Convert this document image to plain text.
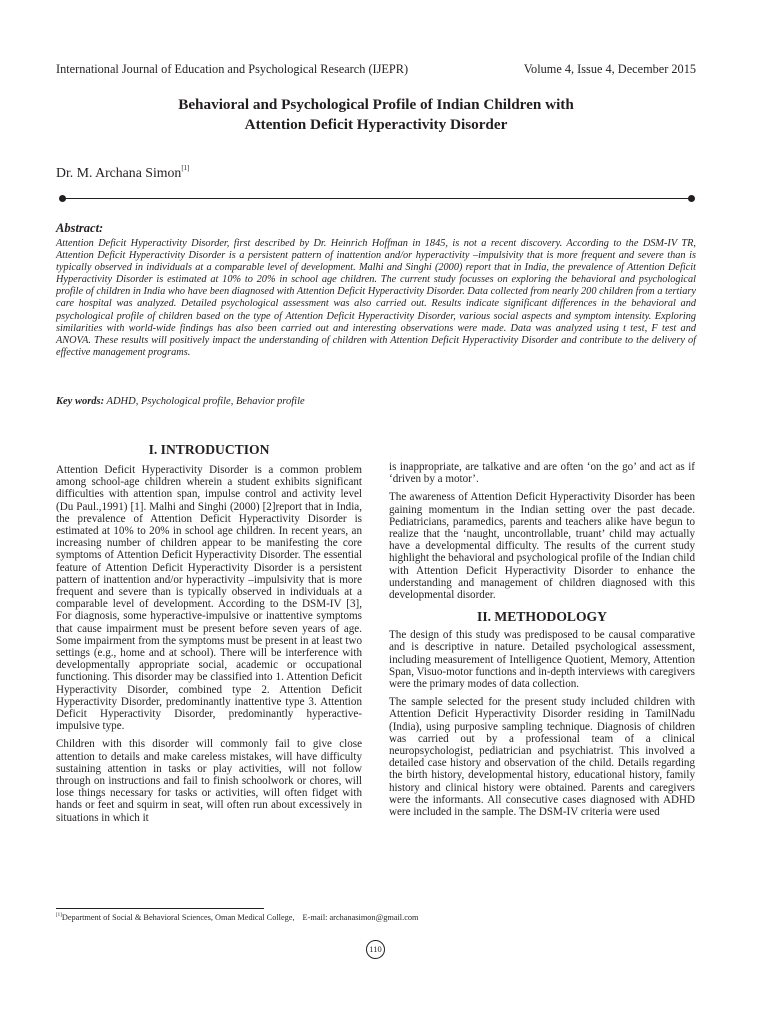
International Journal of Education and Psychological Research (IJEPR)	Volume 4, Issue 4, December 2015
Behavioral and Psychological Profile of Indian Children with
Attention Deficit Hyperactivity Disorder
Dr. M. Archana Simon[1]
Abstract:
Attention Deficit Hyperactivity Disorder, first described by Dr. Heinrich Hoffman in 1845, is not a recent discovery. According to the DSM-IV TR, Attention Deficit Hyperactivity Disorder is a persistent pattern of inattention and/or hyperactivity –impulsivity that is more frequent and severe than is typically observed in individuals at a comparable level of development. Malhi and Singhi (2000) report that in India, the prevalence of Attention Deficit Hyperactivity Disorder is estimated at 10% to 20% in school age children. The current study focusses on exploring the behavioral and psychological profile of children in India who have been diagnosed with Attention Deficit Hyperactivity Disorder. Data collected from nearly 200 children from a tertiary care hospital was analyzed. Detailed psychological assessment was also carried out. Results indicate significant differences in the behavioral and psychological profile of children based on the type of Attention Deficit Hyperactivity Disorder, various social aspects and symptom intensity. Exploring similarities with world-wide findings has also been carried out and interesting observations were made. Data was analyzed using t test, F test and ANOVA. These results will positively impact the understanding of children with Attention Deficit Hyperactivity Disorder and contribute to the delivery of effective management programs.
Key words: ADHD, Psychological profile, Behavior profile
I. INTRODUCTION

Attention Deficit Hyperactivity Disorder is a common problem among school-age children wherein a student exhibits significant difficulties with attention span, impulse control and activity level (Du Paul.,1991) [1]. Malhi and Singhi (2000) [2]report that in India, the prevalence of Attention Deficit Hyperactivity Disorder is estimated at 10% to 20% in school age children. In recent years, an increasing number of children appear to be manifesting the core symptoms of Attention Deficit Hyperactivity Disorder. The essential feature of Attention Deficit Hyperactivity Disorder is a persistent pattern of inattention and/or hyperactivity –impulsivity that is more frequent and severe than is typically observed in individuals at a comparable level of development. According to the DSM-IV [3], For diagnosis, some hyperactive-impulsive or inattentive symptoms that cause impairment must be present before seven years of age. Some impairment from the symptoms must be present in at least two settings (e.g., home and at school). There will be interference with developmentally appropriate social, academic or occupational functioning. This disorder may be classified into 1. Attention Deficit Hyperactivity Disorder, combined type 2. Attention Deficit Hyperactivity Disorder, predominantly inattentive type 3. Attention Deficit Hyperactivity Disorder, predominantly hyperactive-impulsive type.

Children with this disorder will commonly fail to give close attention to details and make careless mistakes, will have difficulty sustaining attention in tasks or play activities, will not follow through on instructions and fail to finish schoolwork or chores, will lose things necessary for tasks or activities, will often fidget with hands or feet and squirm in seat, will often run about excessively in situations in which it

is inappropriate, are talkative and are often ‘on the go’ and act as if ‘driven by a motor’.

The awareness of Attention Deficit Hyperactivity Disorder has been gaining momentum in the Indian setting over the past decade. Pediatricians, paramedics, parents and teachers alike have begun to realize that the ‘naught, uncontrollable, truant’ child may actually have a developmental difficulty. The results of the current study highlight the behavioral and psychological profile of the Indian child with Attention Deficit Hyperactivity Disorder to enhance the understanding and management of children diagnosed with this developmental disorder.

II. METHODOLOGY

The design of this study was predisposed to be causal comparative and is descriptive in nature. Detailed psychological assessment, including measurement of Intelligence Quotient, Memory, Attention Span, Visuo-motor functions and in-depth interviews with caregivers were the primary modes of data collection.

The sample selected for the present study included children with Attention Deficit Hyperactivity Disorder residing in TamilNadu (India), using purposive sampling technique. Diagnosis of children was carried out by a professional team of a clinical neuropsychologist, pediatrician and psychiatrist. This involved a detailed case history and observation of the child. Details regarding the birth history, developmental history, educational history, family history and clinical history were obtained. Parents and caregivers were the informants. All consecutive cases diagnosed with ADHD were included in the sample. The DSM-IV criteria were used

[1]Department of Social & Behavioral Sciences, Oman Medical College, E-mail: archanasimon@gmail.com
110
